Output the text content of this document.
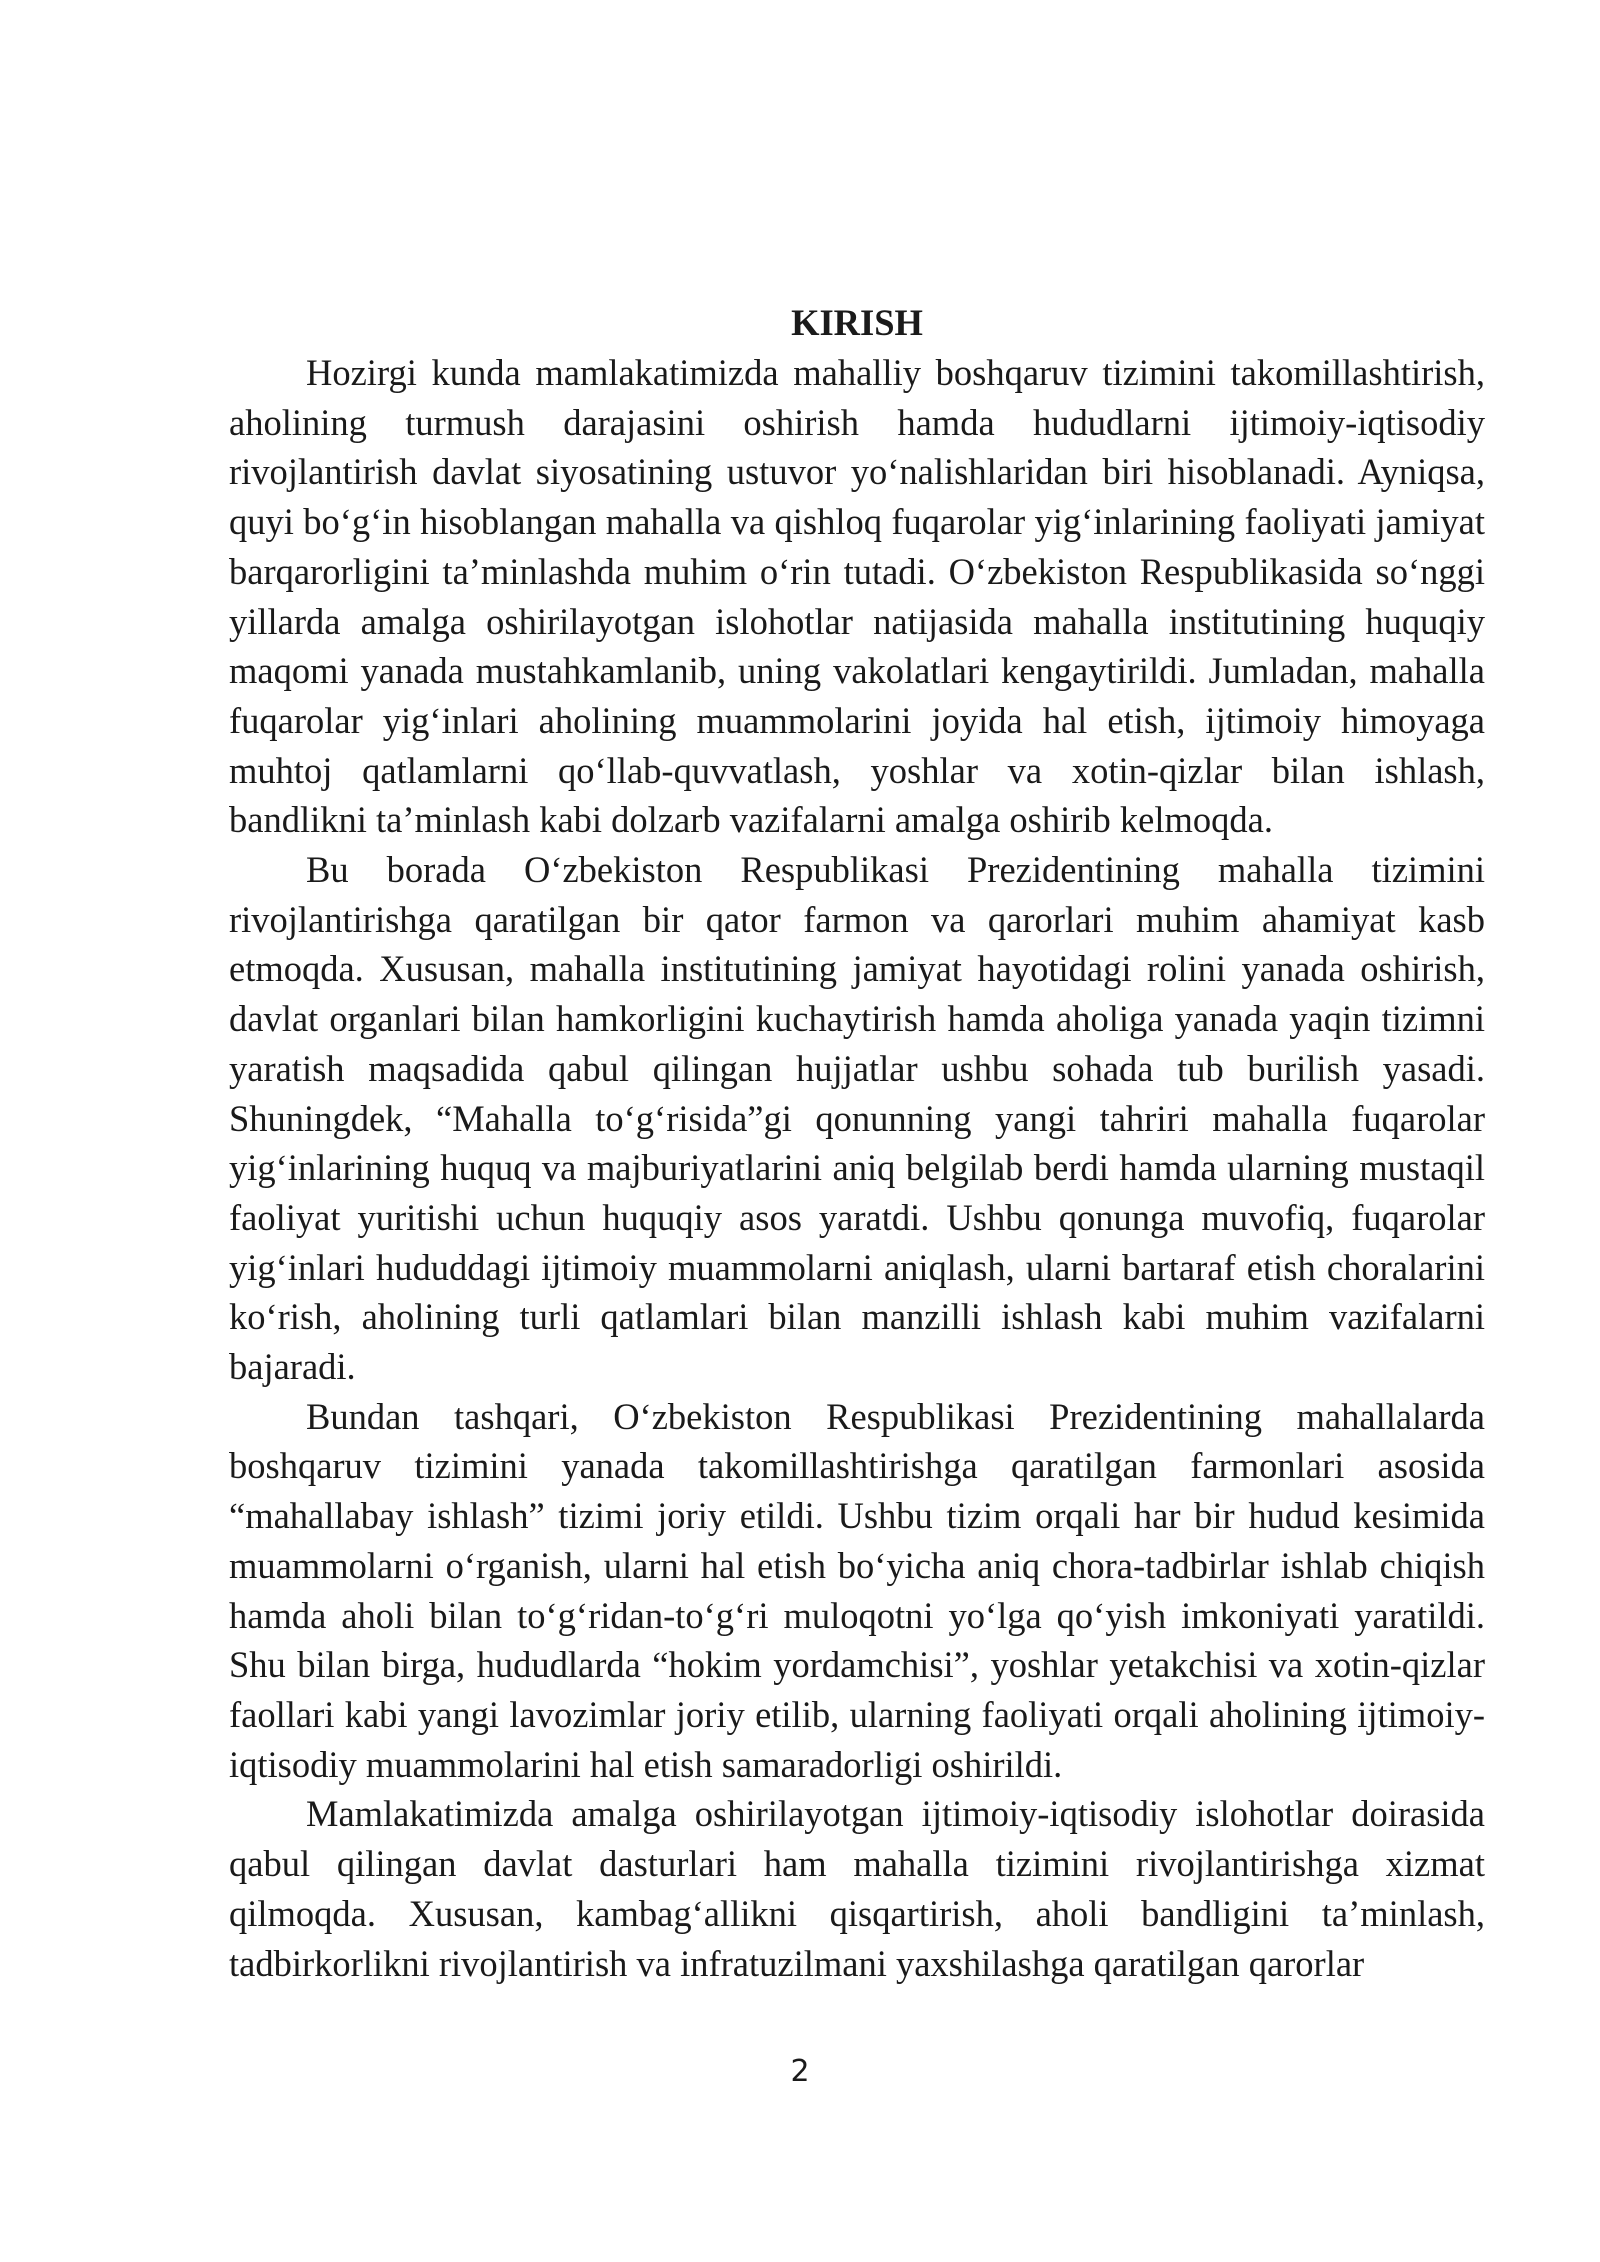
KIRISH

Hozirgi kunda mamlakatimizda mahalliy boshqaruv tizimini takomillashtirish, aholining turmush darajasini oshirish hamda hududlarni ijtimoiy-iqtisodiy rivojlantirish davlat siyosatining ustuvor yo‘nalishlaridan biri hisoblanadi. Ayniqsa, quyi bo‘g‘in hisoblangan mahalla va qishloq fuqarolar yig‘inlarining faoliyati jamiyat barqarorligini ta’minlashda muhim o‘rin tutadi. O‘zbekiston Respublikasida so‘nggi yillarda amalga oshirilayotgan islohotlar natijasida mahalla institutining huquqiy maqomi yanada mustahkamlanib, uning vakolatlari kengaytirildi. Jumladan, mahalla fuqarolar yig‘inlari aholining muammolarini joyida hal etish, ijtimoiy himoyaga muhtoj qatlamlarni qo‘llab-quvvatlash, yoshlar va xotin-qizlar bilan ishlash, bandlikni ta’minlash kabi dolzarb vazifalarni amalga oshirib kelmoqda.

Bu borada O‘zbekiston Respublikasi Prezidentining mahalla tizimini rivojlantirishga qaratilgan bir qator farmon va qarorlari muhim ahamiyat kasb etmoqda. Xususan, mahalla institutining jamiyat hayotidagi rolini yanada oshirish, davlat organlari bilan hamkorligini kuchaytirish hamda aholiga yanada yaqin tizimni yaratish maqsadida qabul qilingan hujjatlar ushbu sohada tub burilish yasadi. Shuningdek, “Mahalla to‘g‘risida”gi qonunning yangi tahriri mahalla fuqarolar yig‘inlarining huquq va majburiyatlarini aniq belgilab berdi hamda ularning mustaqil faoliyat yuritishi uchun huquqiy asos yaratdi. Ushbu qonunga muvofiq, fuqarolar yig‘inlari hududdagi ijtimoiy muammolarni aniqlash, ularni bartaraf etish choralarini ko‘rish, aholining turli qatlamlari bilan manzilli ishlash kabi muhim vazifalarni bajaradi.

Bundan tashqari, O‘zbekiston Respublikasi Prezidentining mahallalarda boshqaruv tizimini yanada takomillashtirishga qaratilgan farmonlari asosida “mahallabay ishlash” tizimi joriy etildi. Ushbu tizim orqali har bir hudud kesimida muammolarni o‘rganish, ularni hal etish bo‘yicha aniq chora-tadbirlar ishlab chiqish hamda aholi bilan to‘g‘ridan-to‘g‘ri muloqotni yo‘lga qo‘yish imkoniyati yaratildi. Shu bilan birga, hududlarda “hokim yordamchisi”, yoshlar yetakchisi va xotin-qizlar faollari kabi yangi lavozimlar joriy etilib, ularning faoliyati orqali aholining ijtimoiy-iqtisodiy muammolarini hal etish samaradorligi oshirildi.

Mamlakatimizda amalga oshirilayotgan ijtimoiy-iqtisodiy islohotlar doirasida qabul qilingan davlat dasturlari ham mahalla tizimini rivojlantirishga xizmat qilmoqda. Xususan, kambag‘allikni qisqartirish, aholi bandligini ta’minlash, tadbirkorlikni rivojlantirish va infratuzilmani yaxshilashga qaratilgan qarorlar

2
